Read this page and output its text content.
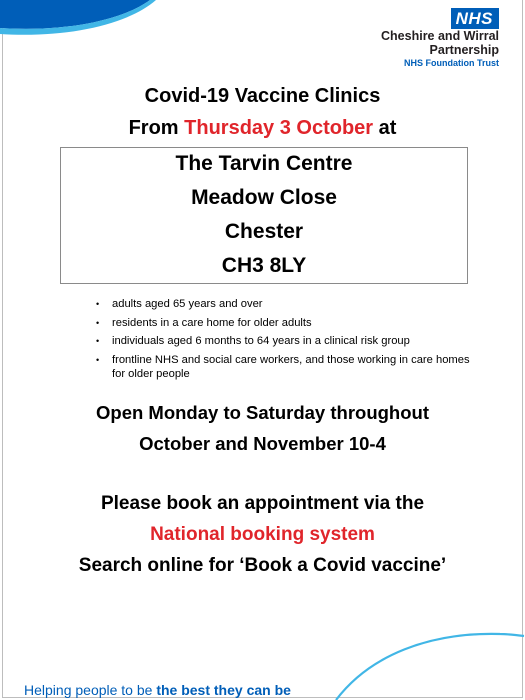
NHS
Cheshire and Wirral
Partnership
NHS Foundation Trust
Covid-19 Vaccine Clinics
From Thursday 3 October at
The Tarvin Centre
Meadow Close
Chester
CH3 8LY
• adults aged 65 years and over
• residents in a care home for older adults
• individuals aged 6 months to 64 years in a clinical risk group
• frontline NHS and social care workers, and those working in care homes for older people
Open Monday to Saturday throughout
October and November 10-4
Please book an appointment via the
National booking system
Search online for ‘Book a Covid vaccine’
Helping people to be the best they can be
